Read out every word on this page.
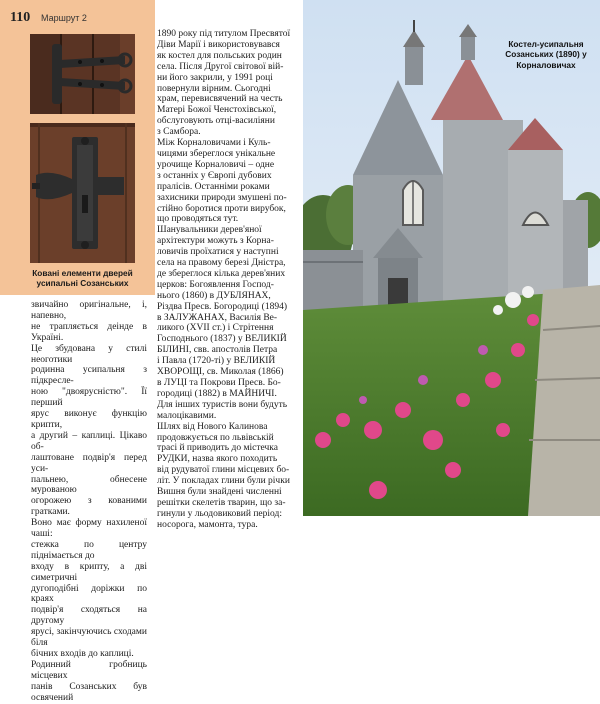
110 Маршрут 2
Ковані елементи дверей усипальні Созанських
звичайно оригінальне, і, напевно,
не трапляється деінде в Україні.
Це збудована у стилі неоготики
родинна усипальня з підкресле-
ною "двоярусністю". Її перший
ярус виконує функцію крипти,
а другий – каплиці. Цікаво об-
лаштоване подвір'я перед уси-
пальнею, обнесене мурованою
огорожею з кованими гратками.
Воно має форму нахиленої чаші:
стежка по центру піднімається до
входу в крипту, а дві симетричні
дугоподібні доріжки по краях
подвір'я сходяться на другому
ярусі, закінчуючись сходами біля
бічних входів до каплиці.
Родинний гробниць місцевих
панів Созанських був освячений
1890 року під титулом Пресвятої
Діви Марії і використовувався
як костел для польських родин
села. Після Другої світової вій-
ни його закрили, у 1991 році
повернули вірним. Сьогодні
храм, перевисвячений на честь
Матері Божої Ченстохівської,
обслуговують отці-василіяни
з Самбора.
Між Корналовичами і Куль-
чицями збереглося унікальне
урочище Корналовичі – одне
з останніх у Європі дубових
пралісів. Останніми роками
захисники природи змушені по-
стійно боротися проти вирубок,
що проводяться тут.
Шанувальники дерев'яної
архітектури можуть з Корна-
ловичів проїхатися у наступні
села на правому березі Дністра,
де збереглося кілька дерев'яних
церков: Богоявлення Господ-
нього (1860) в ДУБЛЯНАХ,
Різдва Пресв. Богородиці (1894)
в ЗАЛУЖАНАХ, Василія Ве-
ликого (XVII ст.) і Стрітення
Господнього (1837) у ВЕЛИКІЙ
БІЛИНІ, свв. апостолів Петра
і Павла (1720-ті) у ВЕЛИКІЙ
ХВОРОЩІ, св. Миколая (1866)
в ЛУЦІ та Покрови Пресв. Бо-
городиці (1882) в МАЙНИЧІ.
Для інших туристів вони будуть
малоцікавими.
Шлях від Нового Калинова
продовжується по львівській
трасі й приводить до містечка
РУДКИ, назва якого походить
від рудуватої глини місцевих бо-
літ. У покладах глини були річки
Вишня були знайдені численні
решітки скелетів тварин, що за-
гинули у льодовиковий період:
носорога, мамонта, тура.
Костел-усипальня Созанських (1890) у Корналовичах
